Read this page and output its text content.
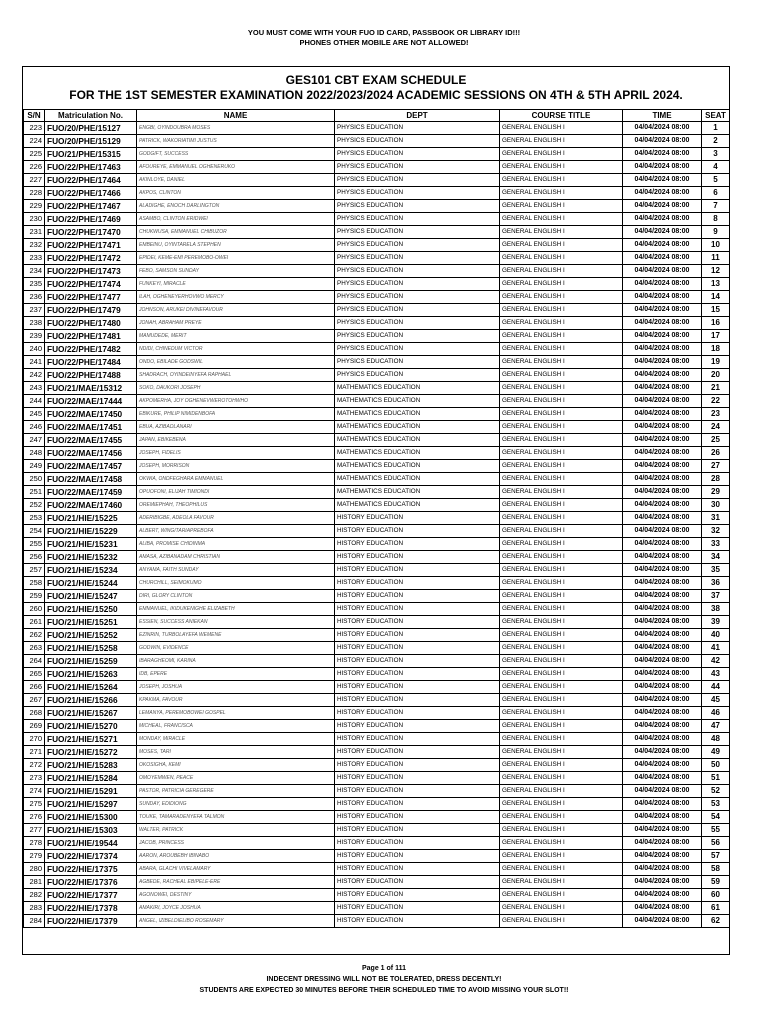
YOU MUST COME WITH YOUR FUO ID CARD, PASSBOOK OR LIBRARY ID!!!
PHONES OTHER MOBILE ARE NOT ALLOWED!
GES101 CBT EXAM SCHEDULE
FOR THE 1ST SEMESTER EXAMINATION 2022/2023/2024 ACADEMIC SESSIONS ON 4TH & 5TH APRIL 2024.
S/N	Matriculation No.	NAME	DEPT	COURSE TITLE	TIME	SEAT
223	FUO/20/PHE/15127	ENGBI, OYINDOUBRA MOSES	PHYSICS EDUCATION	GENERAL ENGLISH I	04/04/2024 08:00	1
224	FUO/20/PHE/15129	PATRICK, WAKORIATIMI JUSTUS	PHYSICS EDUCATION	GENERAL ENGLISH I	04/04/2024 08:00	2
225	FUO/21/PHE/15315	GODGIFT, SUCCESS	PHYSICS EDUCATION	GENERAL ENGLISH I	04/04/2024 08:00	3
226	FUO/22/PHE/17463	AFOUREYE, EMMANUEL OGHENERUKO	PHYSICS EDUCATION	GENERAL ENGLISH I	04/04/2024 08:00	4
227	FUO/22/PHE/17464	AKINLOYE, DANIEL	PHYSICS EDUCATION	GENERAL ENGLISH I	04/04/2024 08:00	5
228	FUO/22/PHE/17466	AKPOS, CLINTON	PHYSICS EDUCATION	GENERAL ENGLISH I	04/04/2024 08:00	6
229	FUO/22/PHE/17467	ALADIGHE, ENOCH DARLINGTON	PHYSICS EDUCATION	GENERAL ENGLISH I	04/04/2024 08:00	7
230	FUO/22/PHE/17469	ASAMBO, CLINTON ERIDWEI	PHYSICS EDUCATION	GENERAL ENGLISH I	04/04/2024 08:00	8
231	FUO/22/PHE/17470	CHUKWUSA, EMMANUEL CHIBUZOR	PHYSICS EDUCATION	GENERAL ENGLISH I	04/04/2024 08:00	9
232	FUO/22/PHE/17471	EMBEINU, OYINTARELA STEPHEN	PHYSICS EDUCATION	GENERAL ENGLISH I	04/04/2024 08:00	10
233	FUO/22/PHE/17472	EPIDEI, KEME-EMI PEREMOBO-OWEI	PHYSICS EDUCATION	GENERAL ENGLISH I	04/04/2024 08:00	11
234	FUO/22/PHE/17473	FEBO, SAMSON SUNDAY	PHYSICS EDUCATION	GENERAL ENGLISH I	04/04/2024 08:00	12
235	FUO/22/PHE/17474	FUNKEYI, MIRACLE	PHYSICS EDUCATION	GENERAL ENGLISH I	04/04/2024 08:00	13
236	FUO/22/PHE/17477	ILAH, OGHENEYERHOVWO MERCY	PHYSICS EDUCATION	GENERAL ENGLISH I	04/04/2024 08:00	14
237	FUO/22/PHE/17479	JOHNSON, ARUKEI DIVINEFAVOUR	PHYSICS EDUCATION	GENERAL ENGLISH I	04/04/2024 08:00	15
238	FUO/22/PHE/17480	JONAH, ABRAHAM PREYE	PHYSICS EDUCATION	GENERAL ENGLISH I	04/04/2024 08:00	16
239	FUO/22/PHE/17481	MAMUDEDE, MERIT	PHYSICS EDUCATION	GENERAL ENGLISH I	04/04/2024 08:00	17
240	FUO/22/PHE/17482	NDIDI, CHINEDUM VICTOR	PHYSICS EDUCATION	GENERAL ENGLISH I	04/04/2024 08:00	18
241	FUO/22/PHE/17484	ONDO, EBILADE GODSWIL	PHYSICS EDUCATION	GENERAL ENGLISH I	04/04/2024 08:00	19
242	FUO/22/PHE/17488	SHADRACH, OYINDEINYEFA RAPHAEL	PHYSICS EDUCATION	GENERAL ENGLISH I	04/04/2024 08:00	20
243	FUO/21/MAE/15312	SOKO, DAUKORI JOSEPH	MATHEMATICS EDUCATION	GENERAL ENGLISH I	04/04/2024 08:00	21
244	FUO/22/MAE/17444	AKPOMERHA, JOY OGHENEVWEROTOHWHO	MATHEMATICS EDUCATION	GENERAL ENGLISH I	04/04/2024 08:00	22
245	FUO/22/MAE/17450	EBIKURE, PHILIP NIMIDENBOFA	MATHEMATICS EDUCATION	GENERAL ENGLISH I	04/04/2024 08:00	23
246	FUO/22/MAE/17451	EBUA, AZIBAOLANARI	MATHEMATICS EDUCATION	GENERAL ENGLISH I	04/04/2024 08:00	24
247	FUO/22/MAE/17455	JAPAN, EBIKEBENA	MATHEMATICS EDUCATION	GENERAL ENGLISH I	04/04/2024 08:00	25
248	FUO/22/MAE/17456	JOSEPH, FIDELIS	MATHEMATICS EDUCATION	GENERAL ENGLISH I	04/04/2024 08:00	26
249	FUO/22/MAE/17457	JOSEPH, MORRISON	MATHEMATICS EDUCATION	GENERAL ENGLISH I	04/04/2024 08:00	27
250	FUO/22/MAE/17458	OKWIA, ONDFEGHARA EMMANUEL	MATHEMATICS EDUCATION	GENERAL ENGLISH I	04/04/2024 08:00	28
251	FUO/22/MAE/17459	OPUOFONI, ELIJAH TIMIONDI	MATHEMATICS EDUCATION	GENERAL ENGLISH I	04/04/2024 08:00	29
252	FUO/22/MAE/17460	OREMIEPHAH, THEOPHILUS	MATHEMATICS EDUCATION	GENERAL ENGLISH I	04/04/2024 08:00	30
253	FUO/21/HIE/15225	ADERIBIGBE, ADEOLA FAVOUR	HISTORY EDUCATION	GENERAL ENGLISH I	04/04/2024 08:00	31
254	FUO/21/HIE/15229	ALBERT, WINGITARIAPREBOFA	HISTORY EDUCATION	GENERAL ENGLISH I	04/04/2024 08:00	32
255	FUO/21/HIE/15231	ALIBA, PROMISE CHIDINMA	HISTORY EDUCATION	GENERAL ENGLISH I	04/04/2024 08:00	33
256	FUO/21/HIE/15232	AMASA, AZIBANADAM CHRISTIAN	HISTORY EDUCATION	GENERAL ENGLISH I	04/04/2024 08:00	34
257	FUO/21/HIE/15234	ANYAMA, FAITH SUNDAY	HISTORY EDUCATION	GENERAL ENGLISH I	04/04/2024 08:00	35
258	FUO/21/HIE/15244	CHURCHILL, SEIMOKUMO	HISTORY EDUCATION	GENERAL ENGLISH I	04/04/2024 08:00	36
259	FUO/21/HIE/15247	DIRI, GLORY CLINTON	HISTORY EDUCATION	GENERAL ENGLISH I	04/04/2024 08:00	37
260	FUO/21/HIE/15250	EMMANUEL, IKIDUKENIGHE ELIZABETH	HISTORY EDUCATION	GENERAL ENGLISH I	04/04/2024 08:00	38
261	FUO/21/HIE/15251	ESSIEN, SUCCESS ANIEKAN	HISTORY EDUCATION	GENERAL ENGLISH I	04/04/2024 08:00	39
262	FUO/21/HIE/15252	EZINRIN, TURBOLAYEFA WEMENE	HISTORY EDUCATION	GENERAL ENGLISH I	04/04/2024 08:00	40
263	FUO/21/HIE/15258	GODWIN, EVIDENCE	HISTORY EDUCATION	GENERAL ENGLISH I	04/04/2024 08:00	41
264	FUO/21/HIE/15259	IBARAGHEOMI, KARINA	HISTORY EDUCATION	GENERAL ENGLISH I	04/04/2024 08:00	42
265	FUO/21/HIE/15263	IDB, EPERE	HISTORY EDUCATION	GENERAL ENGLISH I	04/04/2024 08:00	43
266	FUO/21/HIE/15264	JOSEPH, JOSHUA	HISTORY EDUCATION	GENERAL ENGLISH I	04/04/2024 08:00	44
267	FUO/21/HIE/15266	KPAKMA, FAVOUR	HISTORY EDUCATION	GENERAL ENGLISH I	04/04/2024 08:00	45
268	FUO/21/HIE/15267	LEMANYA, PEREMOBOWEI GOSPEL	HISTORY EDUCATION	GENERAL ENGLISH I	04/04/2024 08:00	46
269	FUO/21/HIE/15270	MICHEAL, FRANCISCA	HISTORY EDUCATION	GENERAL ENGLISH I	04/04/2024 08:00	47
270	FUO/21/HIE/15271	MONDAY, MIRACLE	HISTORY EDUCATION	GENERAL ENGLISH I	04/04/2024 08:00	48
271	FUO/21/HIE/15272	MOSES, TARI	HISTORY EDUCATION	GENERAL ENGLISH I	04/04/2024 08:00	49
272	FUO/21/HIE/15283	OKOSIGHA, KEMI	HISTORY EDUCATION	GENERAL ENGLISH I	04/04/2024 08:00	50
273	FUO/21/HIE/15284	OMOYEMWEN, PEACE	HISTORY EDUCATION	GENERAL ENGLISH I	04/04/2024 08:00	51
274	FUO/21/HIE/15291	PASTOR, PATRICIA GEREGERE	HISTORY EDUCATION	GENERAL ENGLISH I	04/04/2024 08:00	52
275	FUO/21/HIE/15297	SUNDAY, EDIDIONG	HISTORY EDUCATION	GENERAL ENGLISH I	04/04/2024 08:00	53
276	FUO/21/HIE/15300	TOUKE, TAMARADENYEFA TALMON	HISTORY EDUCATION	GENERAL ENGLISH I	04/04/2024 08:00	54
277	FUO/21/HIE/15303	WALTER, PATRICK	HISTORY EDUCATION	GENERAL ENGLISH I	04/04/2024 08:00	55
278	FUO/21/HIE/19544	JACOB, PRINCESS	HISTORY EDUCATION	GENERAL ENGLISH I	04/04/2024 08:00	56
279	FUO/22/HIE/17374	AARON, AROUBEBH IBINABO	HISTORY EDUCATION	GENERAL ENGLISH I	04/04/2024 08:00	57
280	FUO/22/HIE/17375	ABARA, GLACHI VIVELAMARY	HISTORY EDUCATION	GENERAL ENGLISH I	04/04/2024 08:00	58
281	FUO/22/HIE/17376	AGBEDE, RACHEAL EBIPELE-ERE	HISTORY EDUCATION	GENERAL ENGLISH I	04/04/2024 08:00	59
282	FUO/22/HIE/17377	AGONOWEI, DESTINY	HISTORY EDUCATION	GENERAL ENGLISH I	04/04/2024 08:00	60
283	FUO/22/HIE/17378	AMAKIRI, JOYCE JOSHUA	HISTORY EDUCATION	GENERAL ENGLISH I	04/04/2024 08:00	61
284	FUO/22/HIE/17379	ANGEL, IZIBELDIELIBO ROSEMARY	HISTORY EDUCATION	GENERAL ENGLISH I	04/04/2024 08:00	62
Page 1 of 111
INDECENT DRESSING WILL NOT BE TOLERATED, DRESS DECENTLY!
STUDENTS ARE EXPECTED 30 MINUTES BEFORE THEIR SCHEDULED TIME TO AVOID MISSING YOUR SLOT!!
